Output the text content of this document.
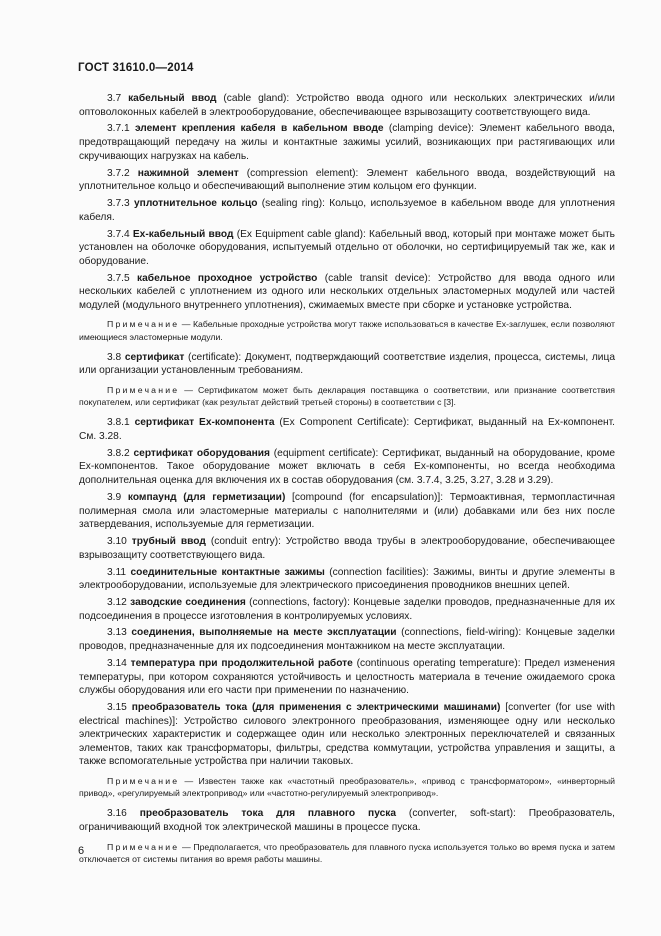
ГОСТ 31610.0—2014

3.7 кабельный ввод (cable gland): Устройство ввода одного или нескольких электрических и/или оптоволоконных кабелей в электрооборудование, обеспечивающее взрывозащиту соответствующего вида.

3.7.1 элемент крепления кабеля в кабельном вводе (clamping device): Элемент кабельного ввода, предотвращающий передачу на жилы и контактные зажимы усилий, возникающих при растягивающих или скручивающих нагрузках на кабель.

3.7.2 нажимной элемент (compression element): Элемент кабельного ввода, воздействующий на уплотнительное кольцо и обеспечивающий выполнение этим кольцом его функции.

3.7.3 уплотнительное кольцо (sealing ring): Кольцо, используемое в кабельном вводе для уплотнения кабеля.

3.7.4 Ex-кабельный ввод (Ex Equipment cable gland): Кабельный ввод, который при монтаже может быть установлен на оболочке оборудования, испытуемый отдельно от оболочки, но сертифицируемый так же, как и оборудование.

3.7.5 кабельное проходное устройство (cable transit device): Устройство для ввода одного или нескольких кабелей с уплотнением из одного или нескольких отдельных эластомерных модулей или частей модулей (модульного внутреннего уплотнения), сжимаемых вместе при сборке и установке устройства.

Примечание — Кабельные проходные устройства могут также использоваться в качестве Ex-заглушек, если позволяют имеющиеся эластомерные модули.

3.8 сертификат (certificate): Документ, подтверждающий соответствие изделия, процесса, системы, лица или организации установленным требованиям.

Примечание — Сертификатом может быть декларация поставщика о соответствии, или признание соответствия покупателем, или сертификат (как результат действий третьей стороны) в соответствии с [3].

3.8.1 сертификат Ex-компонента (Ex Component Certificate): Сертификат, выданный на Ex-компонент. См. 3.28.

3.8.2 сертификат оборудования (equipment certificate): Сертификат, выданный на оборудование, кроме Ex-компонентов. Такое оборудование может включать в себя Ex-компоненты, но всегда необходима дополнительная оценка для включения их в состав оборудования (см. 3.7.4, 3.25, 3.27, 3.28 и 3.29).

3.9 компаунд (для герметизации) [compound (for encapsulation)]: Термоактивная, термопластичная полимерная смола или эластомерные материалы с наполнителями и (или) добавками или без них после затвердевания, используемые для герметизации.

3.10 трубный ввод (conduit entry): Устройство ввода трубы в электрооборудование, обеспечивающее взрывозащиту соответствующего вида.

3.11 соединительные контактные зажимы (connection facilities): Зажимы, винты и другие элементы в электрооборудовании, используемые для электрического присоединения проводников внешних цепей.

3.12 заводские соединения (connections, factory): Концевые заделки проводов, предназначенные для их подсоединения в процессе изготовления в контролируемых условиях.

3.13 соединения, выполняемые на месте эксплуатации (connections, field-wiring): Концевые заделки проводов, предназначенные для их подсоединения монтажником на месте эксплуатации.

3.14 температура при продолжительной работе (continuous operating temperature): Предел изменения температуры, при котором сохраняются устойчивость и целостность материала в течение ожидаемого срока службы оборудования или его части при применении по назначению.

3.15 преобразователь тока (для применения с электрическими машинами) [converter (for use with electrical machines)]: Устройство силового электронного преобразования, изменяющее одну или несколько электрических характеристик и содержащее один или несколько электронных переключателей и связанных элементов, таких как трансформаторы, фильтры, средства коммутации, устройства управления и защиты, а также вспомогательные устройства при наличии таковых.

Примечание — Известен также как «частотный преобразователь», «привод с трансформатором», «инверторный привод», «регулируемый электропривод» или «частотно-регулируемый электропривод».

3.16 преобразователь тока для плавного пуска (converter, soft-start): Преобразователь, ограничивающий входной ток электрической машины в процессе пуска.

Примечание — Предполагается, что преобразователь для плавного пуска используется только во время пуска и затем отключается от системы питания во время работы машины.

6
